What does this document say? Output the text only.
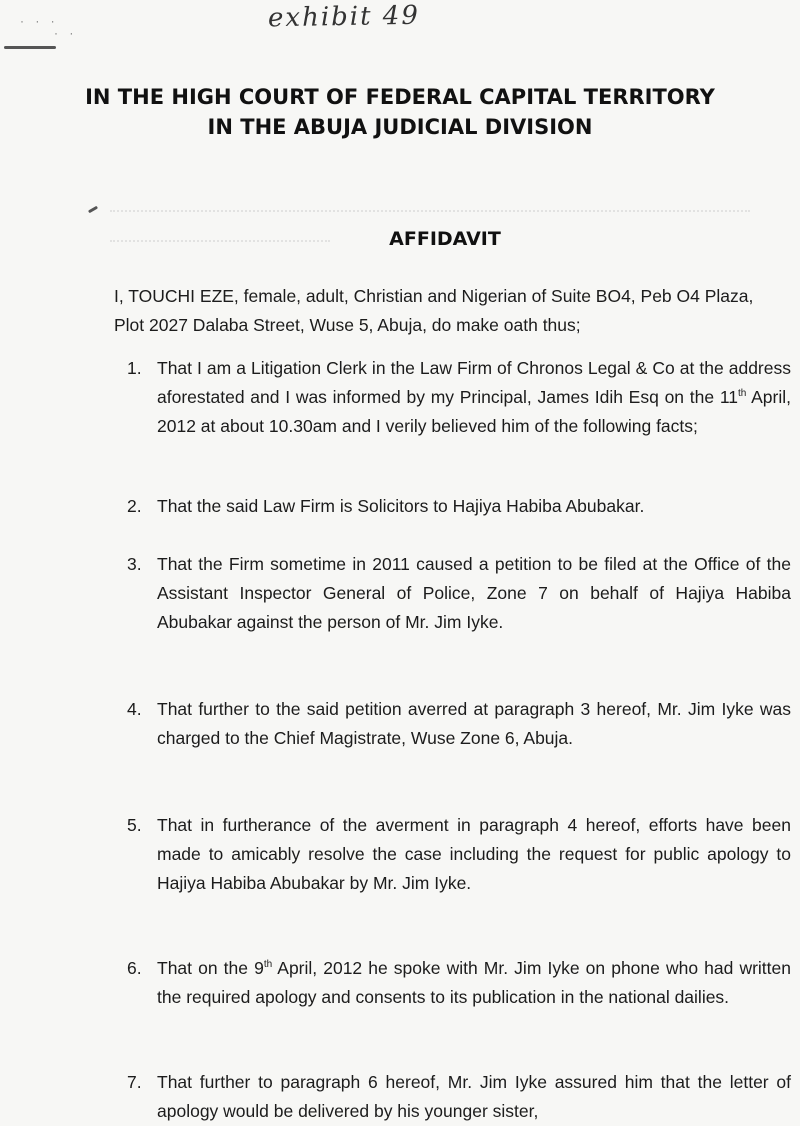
· · ·
· ·	exhibit 49
IN THE HIGH COURT OF FEDERAL CAPITAL TERRITORY
IN THE ABUJA JUDICIAL DIVISION
AFFIDAVIT
I, TOUCHI EZE, female, adult, Christian and Nigerian of Suite BO4, Peb O4 Plaza, Plot 2027 Dalaba Street, Wuse 5, Abuja, do make oath thus;
1. That I am a Litigation Clerk in the Law Firm of Chronos Legal & Co at the address aforestated and I was informed by my Principal, James Idih Esq on the 11th April, 2012 at about 10.30am and I verily believed him of the following facts;
2. That the said Law Firm is Solicitors to Hajiya Habiba Abubakar.
3. That the Firm sometime in 2011 caused a petition to be filed at the Office of the Assistant Inspector General of Police, Zone 7 on behalf of Hajiya Habiba Abubakar against the person of Mr. Jim Iyke.
4. That further to the said petition averred at paragraph 3 hereof, Mr. Jim Iyke was charged to the Chief Magistrate, Wuse Zone 6, Abuja.
5. That in furtherance of the averment in paragraph 4 hereof, efforts have been made to amicably resolve the case including the request for public apology to Hajiya Habiba Abubakar by Mr. Jim Iyke.
6. That on the 9th April, 2012 he spoke with Mr. Jim Iyke on phone who had written the required apology and consents to its publication in the national dailies.
7. That further to paragraph 6 hereof, Mr. Jim Iyke assured him that the letter of apology would be delivered by his younger sister,
